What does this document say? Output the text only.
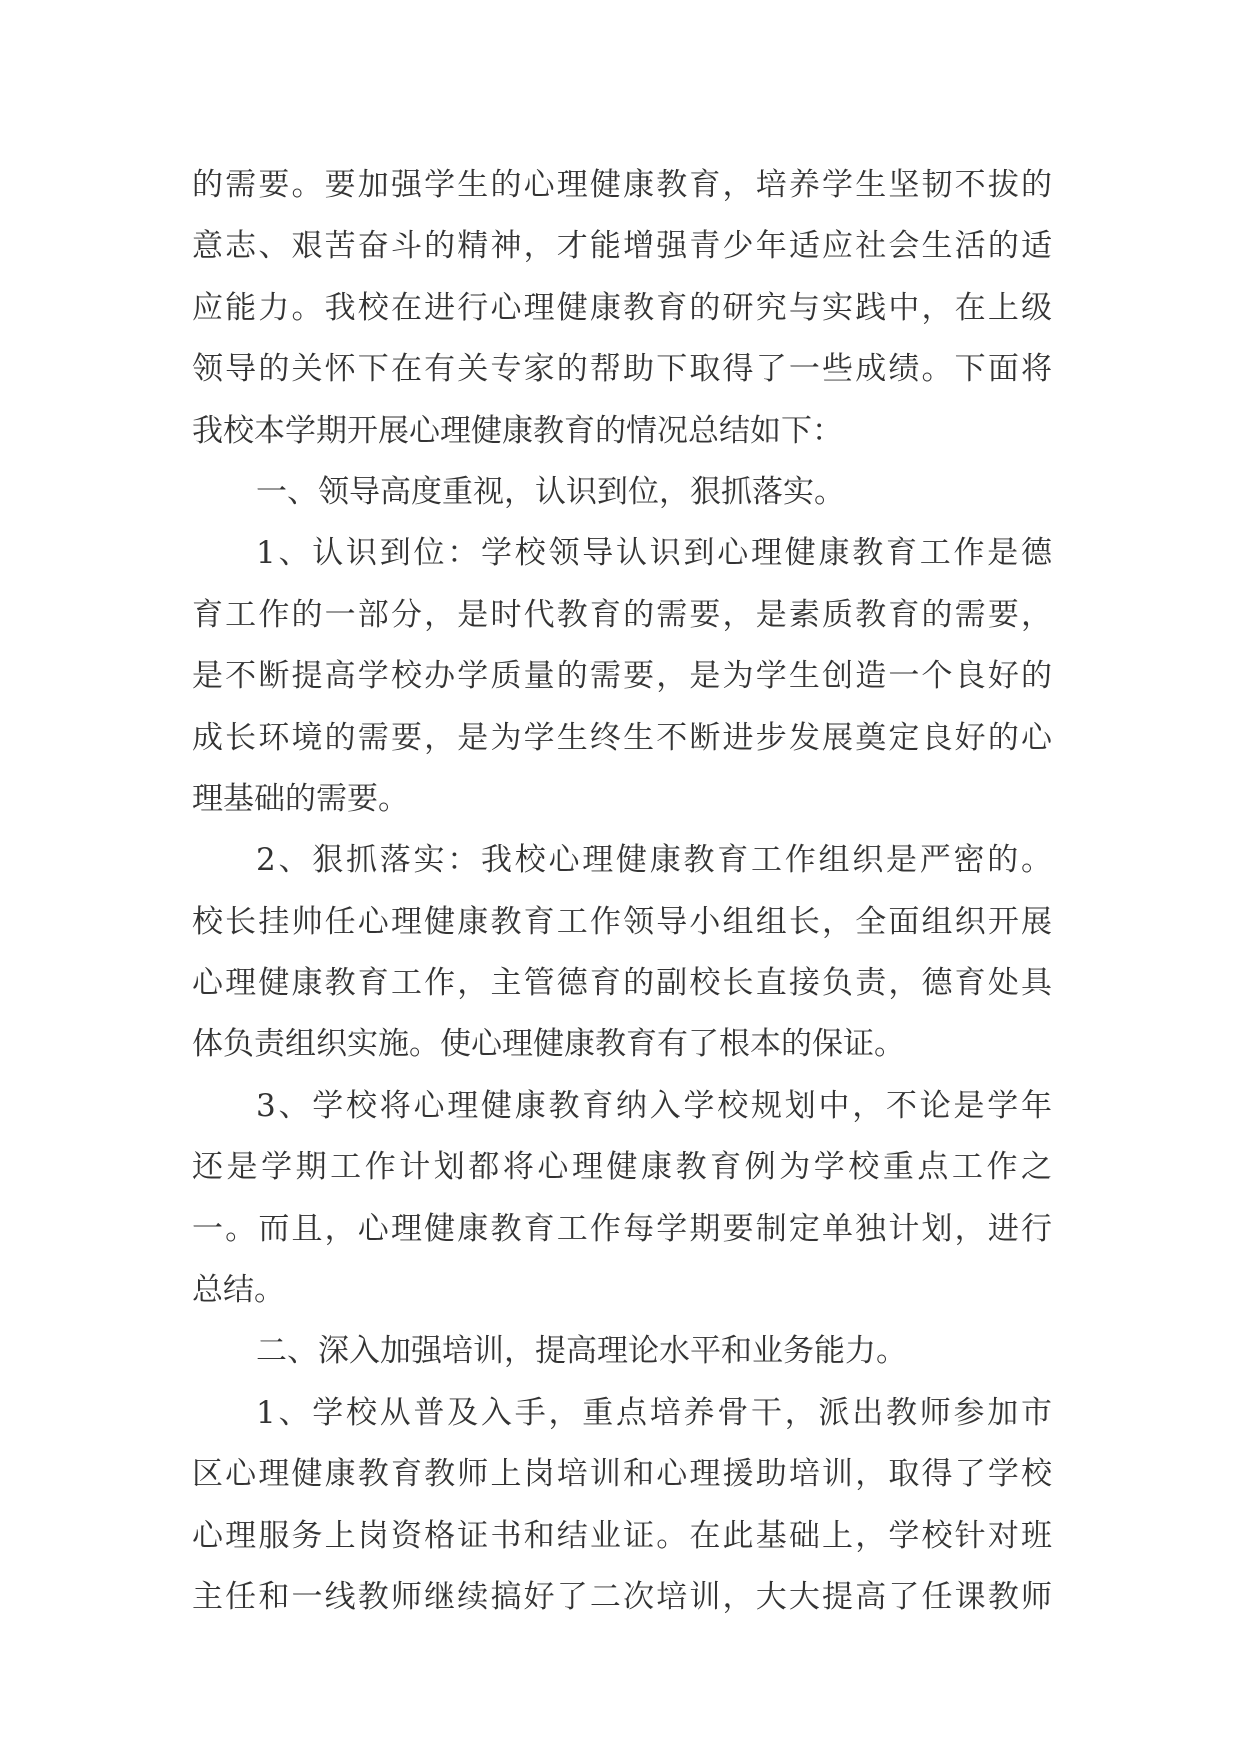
的需要。要加强学生的心理健康教育，培养学生坚韧不拔的
意志、艰苦奋斗的精神，才能增强青少年适应社会生活的适
应能力。我校在进行心理健康教育的研究与实践中，在上级
领导的关怀下在有关专家的帮助下取得了一些成绩。下面将
我校本学期开展心理健康教育的情况总结如下：
一、领导高度重视，认识到位，狠抓落实。
1、认识到位：学校领导认识到心理健康教育工作是德
育工作的一部分，是时代教育的需要，是素质教育的需要，
是不断提高学校办学质量的需要，是为学生创造一个良好的
成长环境的需要，是为学生终生不断进步发展奠定良好的心
理基础的需要。
2、狠抓落实：我校心理健康教育工作组织是严密的。
校长挂帅任心理健康教育工作领导小组组长，全面组织开展
心理健康教育工作，主管德育的副校长直接负责，德育处具
体负责组织实施。使心理健康教育有了根本的保证。
3、学校将心理健康教育纳入学校规划中，不论是学年
还是学期工作计划都将心理健康教育例为学校重点工作之
一。而且，心理健康教育工作每学期要制定单独计划，进行
总结。
二、深入加强培训，提高理论水平和业务能力。
1、学校从普及入手，重点培养骨干，派出教师参加市
区心理健康教育教师上岗培训和心理援助培训，取得了学校
心理服务上岗资格证书和结业证。在此基础上，学校针对班
主任和一线教师继续搞好了二次培训，大大提高了任课教师
